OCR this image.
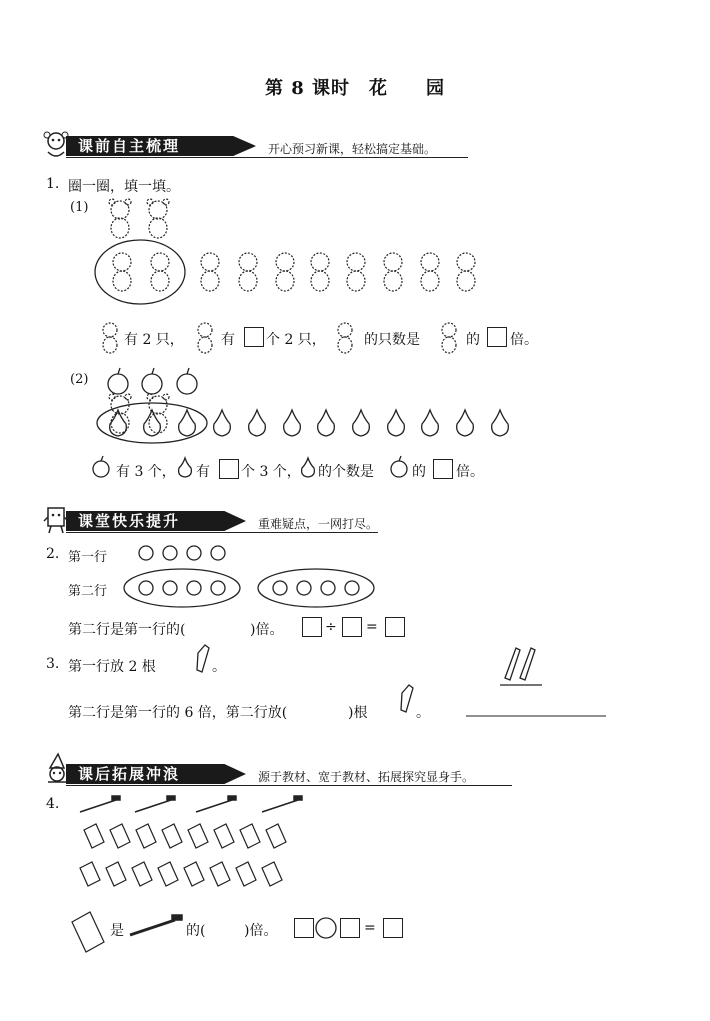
第 8 课时　花　　园
课前自主梳理	开心预习新课，轻松搞定基础。
1. 圈一圈，填一填。
(1)
有 2 只，	有 个 2 只，	的只数是	的 倍。
(2)
有 3 个， 有 个 3 个， 的个数是	的 倍。
课堂快乐提升	重难疑点，一网打尽。
2. 第一行
第二行
第二行是第一行的(	)倍。	÷ =
3. 第一行放 2 根	。
第二行是第一行的 6 倍，第二行放(	)根	。
课后拓展冲浪	源于教材、宽于教材、拓展探究显身手。
4.
是	的(	)倍。	=
